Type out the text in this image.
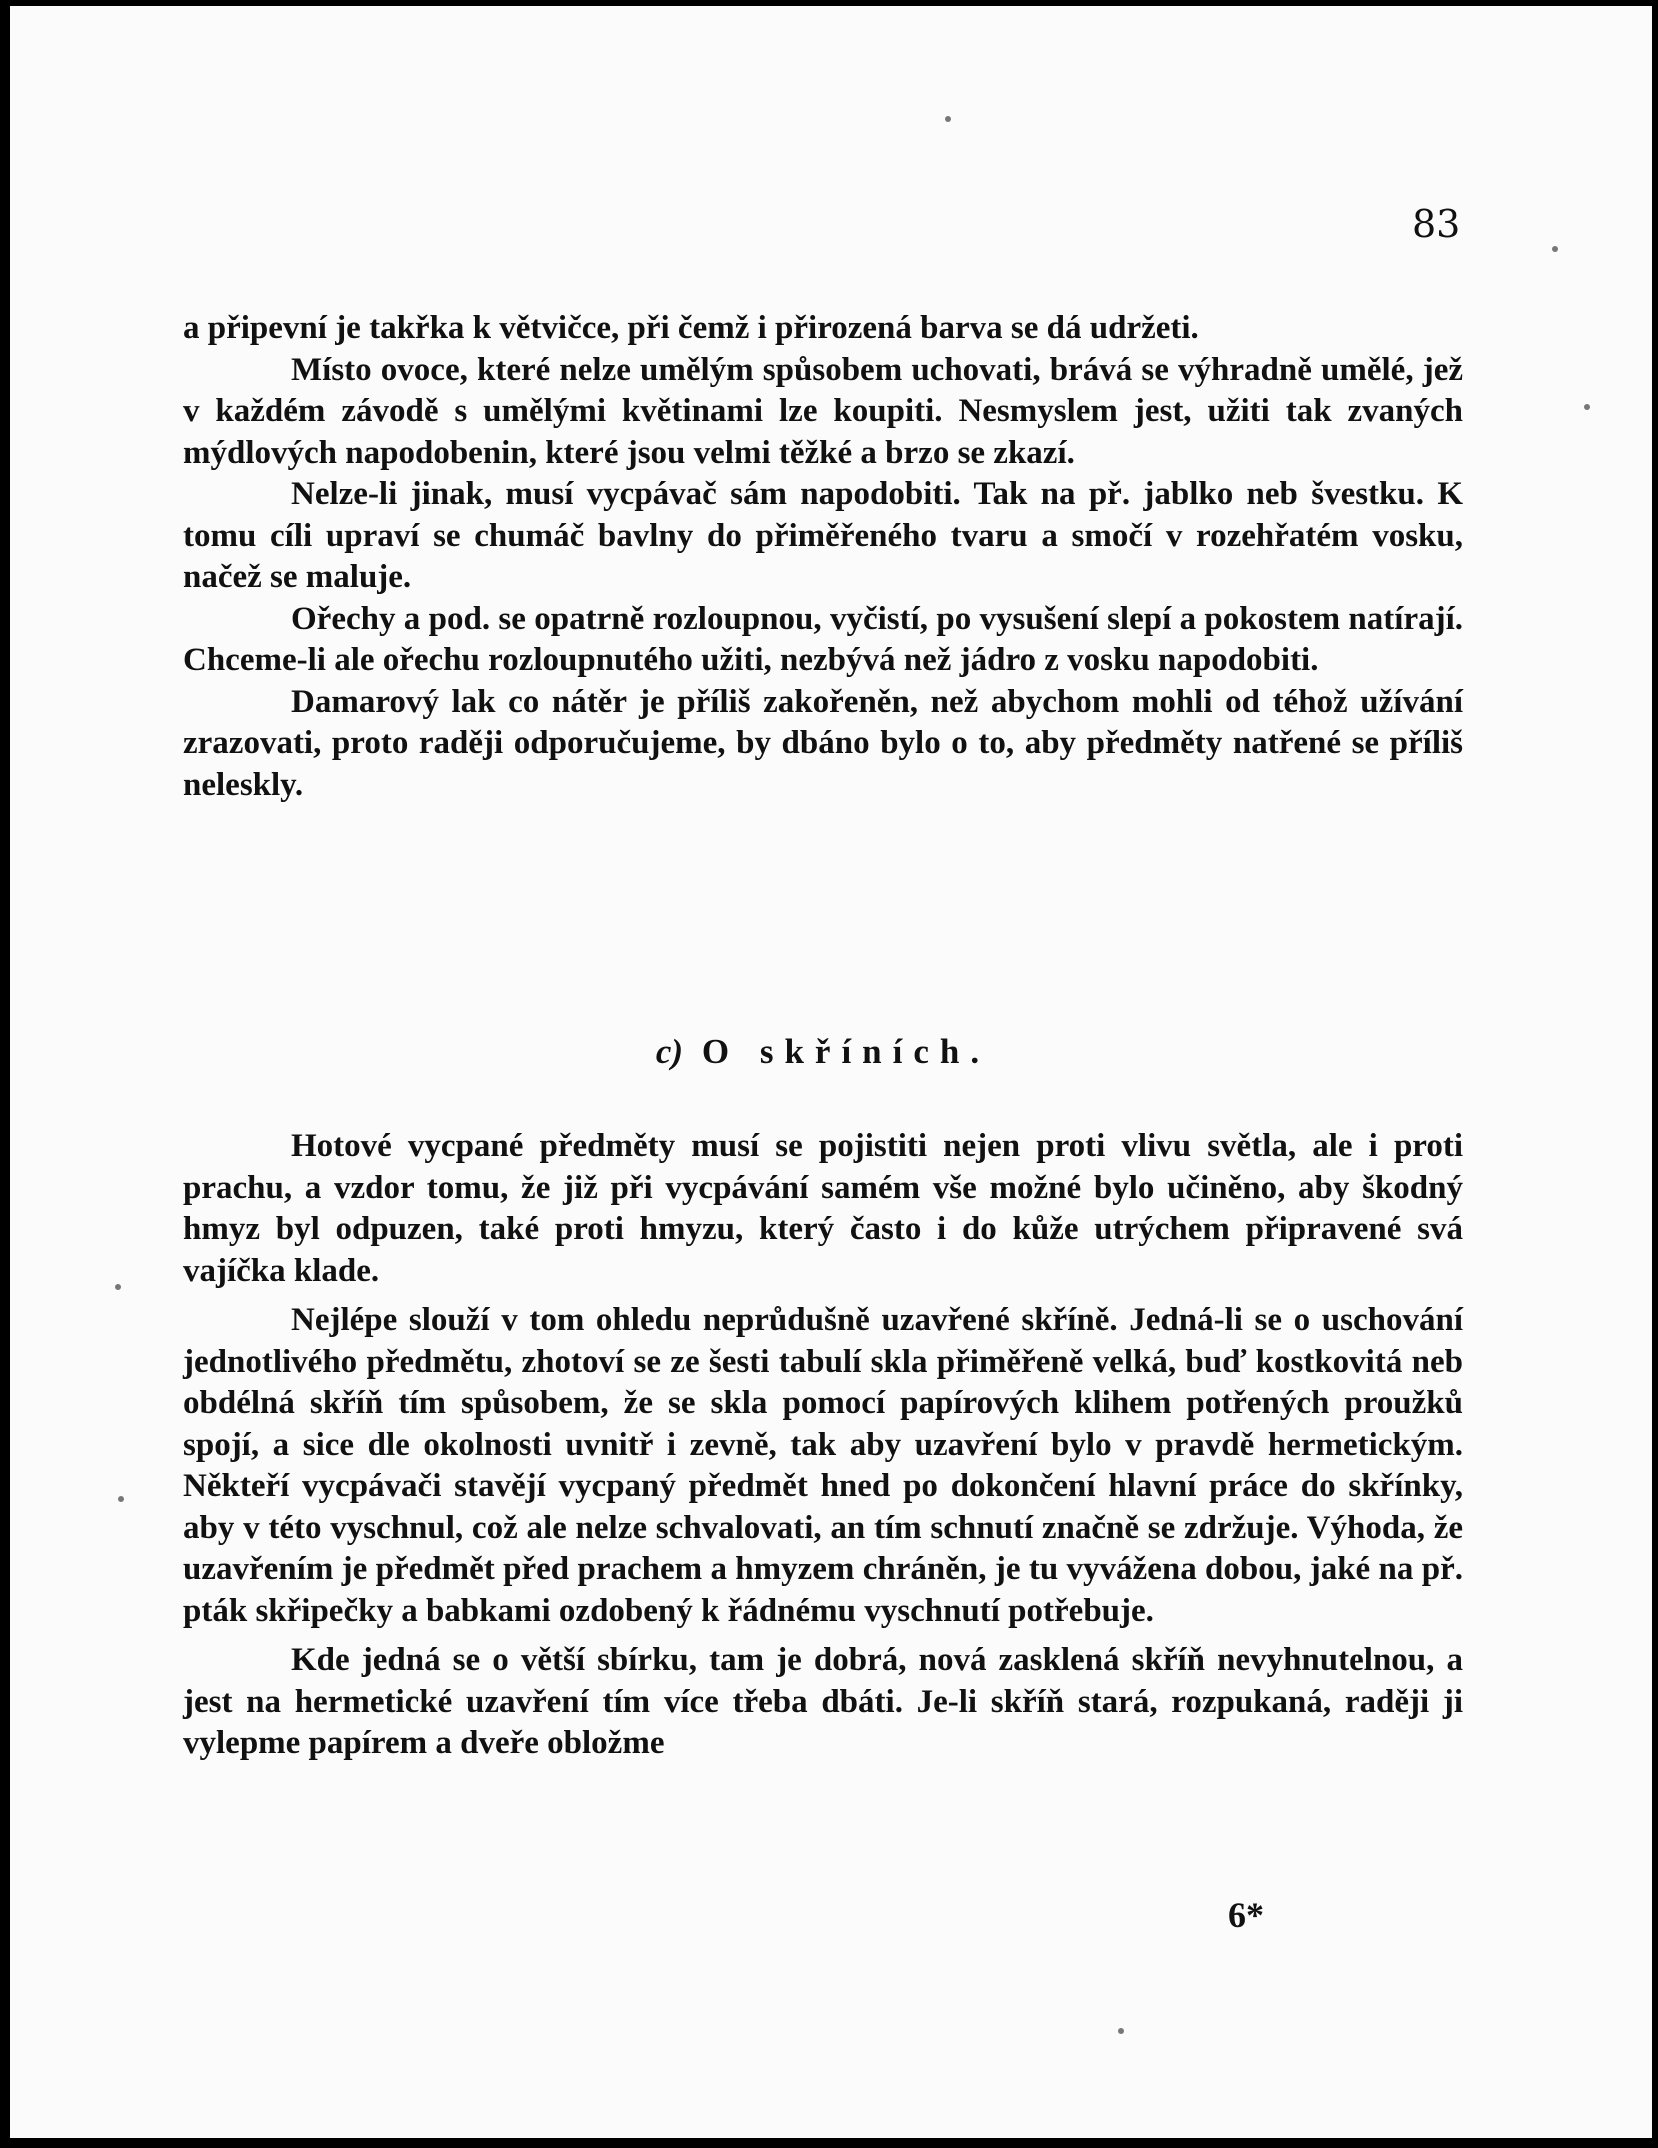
83

a připevní je takřka k větvičce, při čemž i přirozená barva se dá udržeti.

Místo ovoce, které nelze umělým spůsobem uchovati, brává se výhradně umělé, jež v každém závodě s umělými květinami lze koupiti. Nesmyslem jest, užiti tak zvaných mýdlových napodobenin, které jsou velmi těžké a brzo se zkazí.

Nelze-li jinak, musí vycpávač sám napodobiti. Tak na př. jablko neb švestku. K tomu cíli upraví se chumáč bavlny do přiměřeného tvaru a smočí v rozehřatém vosku, načež se maluje.

Ořechy a pod. se opatrně rozloupnou, vyčistí, po vysušení slepí a pokostem natírají. Chceme-li ale ořechu rozloupnutého užiti, nezbývá než jádro z vosku napodobiti.

Damarový lak co nátěr je příliš zakořeněn, než abychom mohli od téhož užívání zrazovati, proto raději odporučujeme, by dbáno bylo o to, aby předměty natřené se příliš neleskly.

c) O skříních.

Hotové vycpané předměty musí se pojistiti nejen proti vlivu světla, ale i proti prachu, a vzdor tomu, že již při vycpávání samém vše možné bylo učiněno, aby škodný hmyz byl odpuzen, také proti hmyzu, který často i do kůže utrýchem připravené svá vajíčka klade.

Nejlépe slouží v tom ohledu neprůdušně uzavřené skříně. Jedná-li se o uschování jednotlivého předmětu, zhotoví se ze šesti tabulí skla přiměřeně velká, buď kostkovitá neb obdélná skříň tím spůsobem, že se skla pomocí papírových klihem potřených proužků spojí, a sice dle okolnosti uvnitř i zevně, tak aby uzavření bylo v pravdě hermetickým. Někteří vycpávači stavějí vycpaný předmět hned po dokončení hlavní práce do skřínky, aby v této vyschnul, což ale nelze schvalovati, an tím schnutí značně se zdržuje. Výhoda, že uzavřením je předmět před prachem a hmyzem chráněn, je tu vyvážena dobou, jaké na př. pták skřipečky a babkami ozdobený k řádnému vyschnutí potřebuje.

Kde jedná se o větší sbírku, tam je dobrá, nová zasklená skříň nevyhnutelnou, a jest na hermetické uzavření tím více třeba dbáti. Je-li skříň stará, rozpukaná, raději ji vylepme papírem a dveře obložme

6*
